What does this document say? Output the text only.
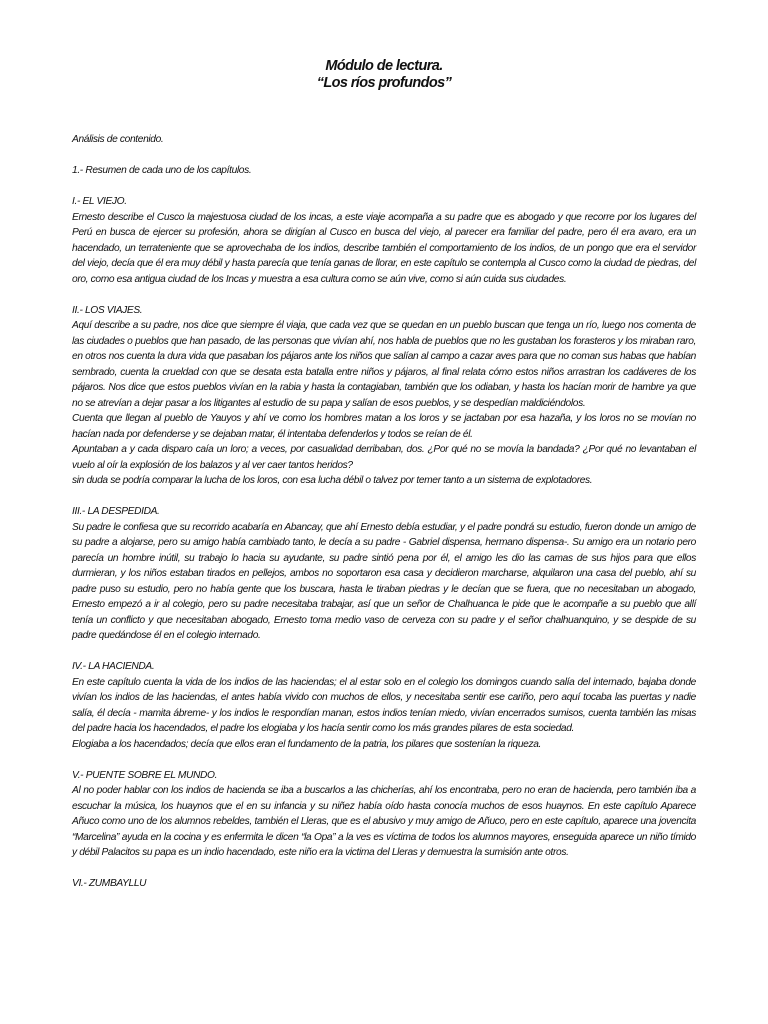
Módulo de lectura.
“Los ríos profundos”

Análisis de contenido.

1.- Resumen de cada uno de los capítulos.

I.- EL VIEJO.

Ernesto describe el Cusco la majestuosa ciudad de los incas, a este viaje acompaña a su padre que es abogado y que recorre por los lugares del Perú en busca de ejercer su profesión, ahora se dirigían al Cusco en busca del viejo, al parecer era familiar del padre, pero él era avaro, era un hacendado, un terrateniente que se aprovechaba de los indios, describe también el comportamiento de los indios, de un pongo que era el servidor del viejo, decía que él era muy débil y hasta parecía que tenía ganas de llorar, en este capítulo se contempla al Cusco como la ciudad de piedras, del oro, como esa antigua ciudad de los Incas y muestra a esa cultura como se aún vive, como si aún cuida sus ciudades.

II.- LOS VIAJES.

Aquí describe a su padre, nos dice que siempre él viaja, que cada vez que se quedan en un pueblo buscan que tenga un río, luego nos comenta de las ciudades o pueblos que han pasado, de las personas que vivían ahí, nos habla de pueblos que no les gustaban los forasteros y los miraban raro, en otros nos cuenta la dura vida que pasaban los pájaros ante los niños que salían al campo a cazar aves para que no coman sus habas que habían sembrado, cuenta la crueldad con que se desata esta batalla entre niños y pájaros, al final relata cómo estos niños arrastran los cadáveres de los pájaros. Nos dice que estos pueblos vivían en la rabia y hasta la contagiaban, también que los odiaban, y hasta los hacían morir de hambre ya que no se atrevían a dejar pasar a los litigantes al estudio de su papa y salían de esos pueblos, y se despedían maldiciéndolos.

Cuenta que llegan al pueblo de Yauyos y ahí ve como los hombres matan a los loros y se jactaban por esa hazaña, y los loros no se movían no hacían nada por defenderse y se dejaban matar, él intentaba defenderlos y todos se reían de él.

Apuntaban a y cada disparo caía un loro; a veces, por casualidad derribaban, dos. ¿Por qué no se movía la bandada? ¿Por qué no levantaban el vuelo al oír la explosión de los balazos y al ver caer tantos heridos?

sin duda se podría comparar la lucha de los loros, con esa lucha débil o talvez por temer tanto a un sistema de explotadores.

III.- LA DESPEDIDA.

Su padre le confiesa que su recorrido acabaría en Abancay, que ahí Ernesto debía estudiar, y el padre pondrá su estudio, fueron donde un amigo de su padre a alojarse, pero su amigo había cambiado tanto, le decía a su padre - Gabriel dispensa, hermano dispensa-. Su amigo era un notario pero parecía un hombre inútil, su trabajo lo hacia su ayudante, su padre sintió pena por él, el amigo les dio las camas de sus hijos para que ellos durmieran, y los niños estaban tirados en pellejos, ambos no soportaron esa casa y decidieron marcharse, alquilaron una casa del pueblo, ahí su padre puso su estudio, pero no había gente que los buscara, hasta le tiraban piedras y le decían que se fuera, que no necesitaban un abogado, Ernesto empezó a ir al colegio, pero su padre necesitaba trabajar, así que un señor de Chalhuanca le pide que le acompañe a su pueblo que allí tenía un conflicto y que necesitaban abogado, Ernesto toma medio vaso de cerveza con su padre y el señor chalhuanquino, y se despide de su padre quedándose él en el colegio internado.

IV.- LA HACIENDA.

En este capítulo cuenta la vida de los indios de las haciendas; el al estar solo en el colegio los domingos cuando salía del internado, bajaba donde vivían los indios de las haciendas, el antes había vivido con muchos de ellos, y necesitaba sentir ese cariño, pero aquí tocaba las puertas y nadie salía, él decía - mamita ábreme- y los indios le respondían manan, estos indios tenían miedo, vivían encerrados sumisos, cuenta también las misas del padre hacia los hacendados, el padre los elogiaba y los hacía sentir como los más grandes pilares de esta sociedad.

Elogiaba a los hacendados; decía que ellos eran el fundamento de la patria, los pilares que sostenían la riqueza.

V.- PUENTE SOBRE EL MUNDO.

Al no poder hablar con los indios de hacienda se iba a buscarlos a las chicherías, ahí los encontraba, pero no eran de hacienda, pero también iba a escuchar la música, los huaynos que el en su infancia y su niñez había oído hasta conocía muchos de esos huaynos. En este capítulo Aparece Añuco como uno de los alumnos rebeldes, también el Lleras, que es el abusivo y muy amigo de Añuco, pero en este capítulo, aparece una jovencita “Marcelina” ayuda en la cocina y es enfermita le dicen “la Opa” a la ves es víctima de todos los alumnos mayores, enseguida aparece un niño tímido y débil Palacitos su papa es un indio hacendado, este niño era la victima del Lleras y demuestra la sumisión ante otros.

VI.- ZUMBAYLLU
